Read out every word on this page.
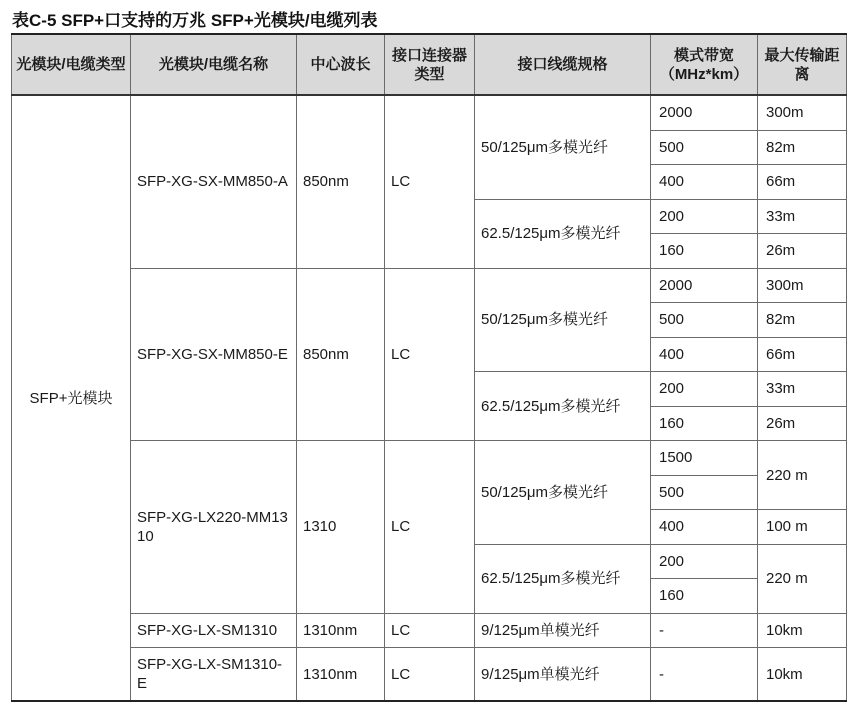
表C-5 SFP+口支持的万兆 SFP+光模块/电缆列表
光模块/电缆类型	光模块/电缆名称	中心波长	接口连接器类型	接口线缆规格	模式带宽（MHz*km）	最大传输距离
SFP+光模块	SFP-XG-SX-MM850-A	850nm	LC	50/125μm多模光纤	2000	300m
					500	82m
					400	66m
				62.5/125μm多模光纤	200	33m
					160	26m
	SFP-XG-SX-MM850-E	850nm	LC	50/125μm多模光纤	2000	300m
					500	82m
					400	66m
				62.5/125μm多模光纤	200	33m
					160	26m
	SFP-XG-LX220-MM1310	1310	LC	50/125μm多模光纤	1500	220 m
					500	
					400	100 m
				62.5/125μm多模光纤	200	220 m
					160	
	SFP-XG-LX-SM1310	1310nm	LC	9/125μm单模光纤	-	10km
	SFP-XG-LX-SM1310-E	1310nm	LC	9/125μm单模光纤	-	10km
